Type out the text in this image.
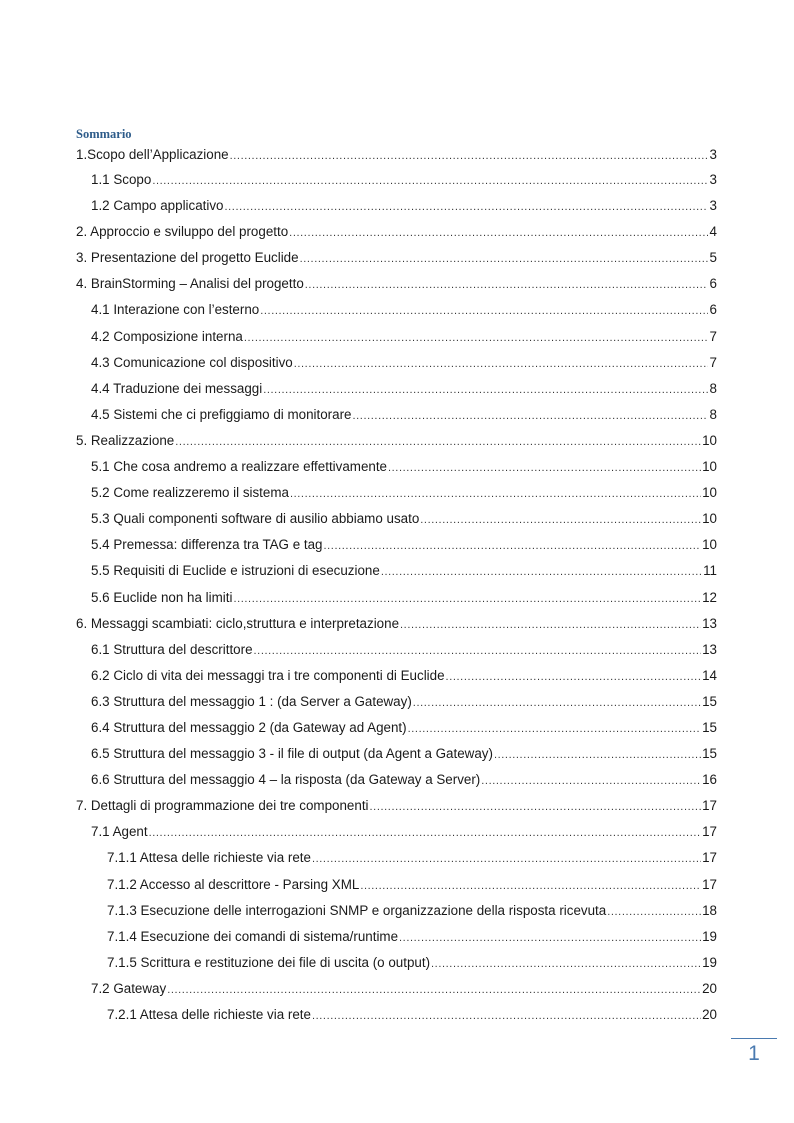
Sommario
1.Scopo dell’Applicazione .....	3
1.1 Scopo .....	3
1.2 Campo applicativo .....	3
2. Approccio e sviluppo del progetto .....	4
3. Presentazione del progetto Euclide .....	5
4. BrainStorming – Analisi del progetto .....	6
4.1 Interazione con l’esterno .....	6
4.2 Composizione interna .....	7
4.3 Comunicazione col dispositivo .....	7
4.4 Traduzione dei messaggi .....	8
4.5 Sistemi che ci prefiggiamo di monitorare .....	8
5. Realizzazione .....	10
5.1 Che cosa andremo a realizzare effettivamente .....	10
5.2 Come realizzeremo il sistema .....	10
5.3 Quali componenti software di ausilio abbiamo usato .....	10
5.4 Premessa: differenza tra TAG e tag .....	10
5.5 Requisiti di Euclide e istruzioni di esecuzione .....	11
5.6 Euclide non ha limiti .....	12
6. Messaggi scambiati: ciclo,struttura e interpretazione .....	13
6.1 Struttura del descrittore .....	13
6.2 Ciclo di vita dei messaggi tra i tre componenti di Euclide .....	14
6.3 Struttura del messaggio 1 : (da Server a Gateway) .....	15
6.4 Struttura del messaggio 2 (da Gateway ad Agent) .....	15
6.5 Struttura del messaggio 3 - il file di output (da Agent a Gateway) .....	15
6.6 Struttura del messaggio 4 – la risposta (da Gateway a Server) .....	16
7. Dettagli di programmazione dei tre componenti .....	17
7.1 Agent .....	17
7.1.1 Attesa delle richieste via rete .....	17
7.1.2 Accesso al descrittore - Parsing XML .....	17
7.1.3 Esecuzione delle interrogazioni SNMP e organizzazione della risposta ricevuta .....	18
7.1.4 Esecuzione dei comandi di sistema/runtime .....	19
7.1.5 Scrittura e restituzione dei file di uscita (o output) .....	19
7.2 Gateway .....	20
7.2.1 Attesa delle richieste via rete .....	20
1
